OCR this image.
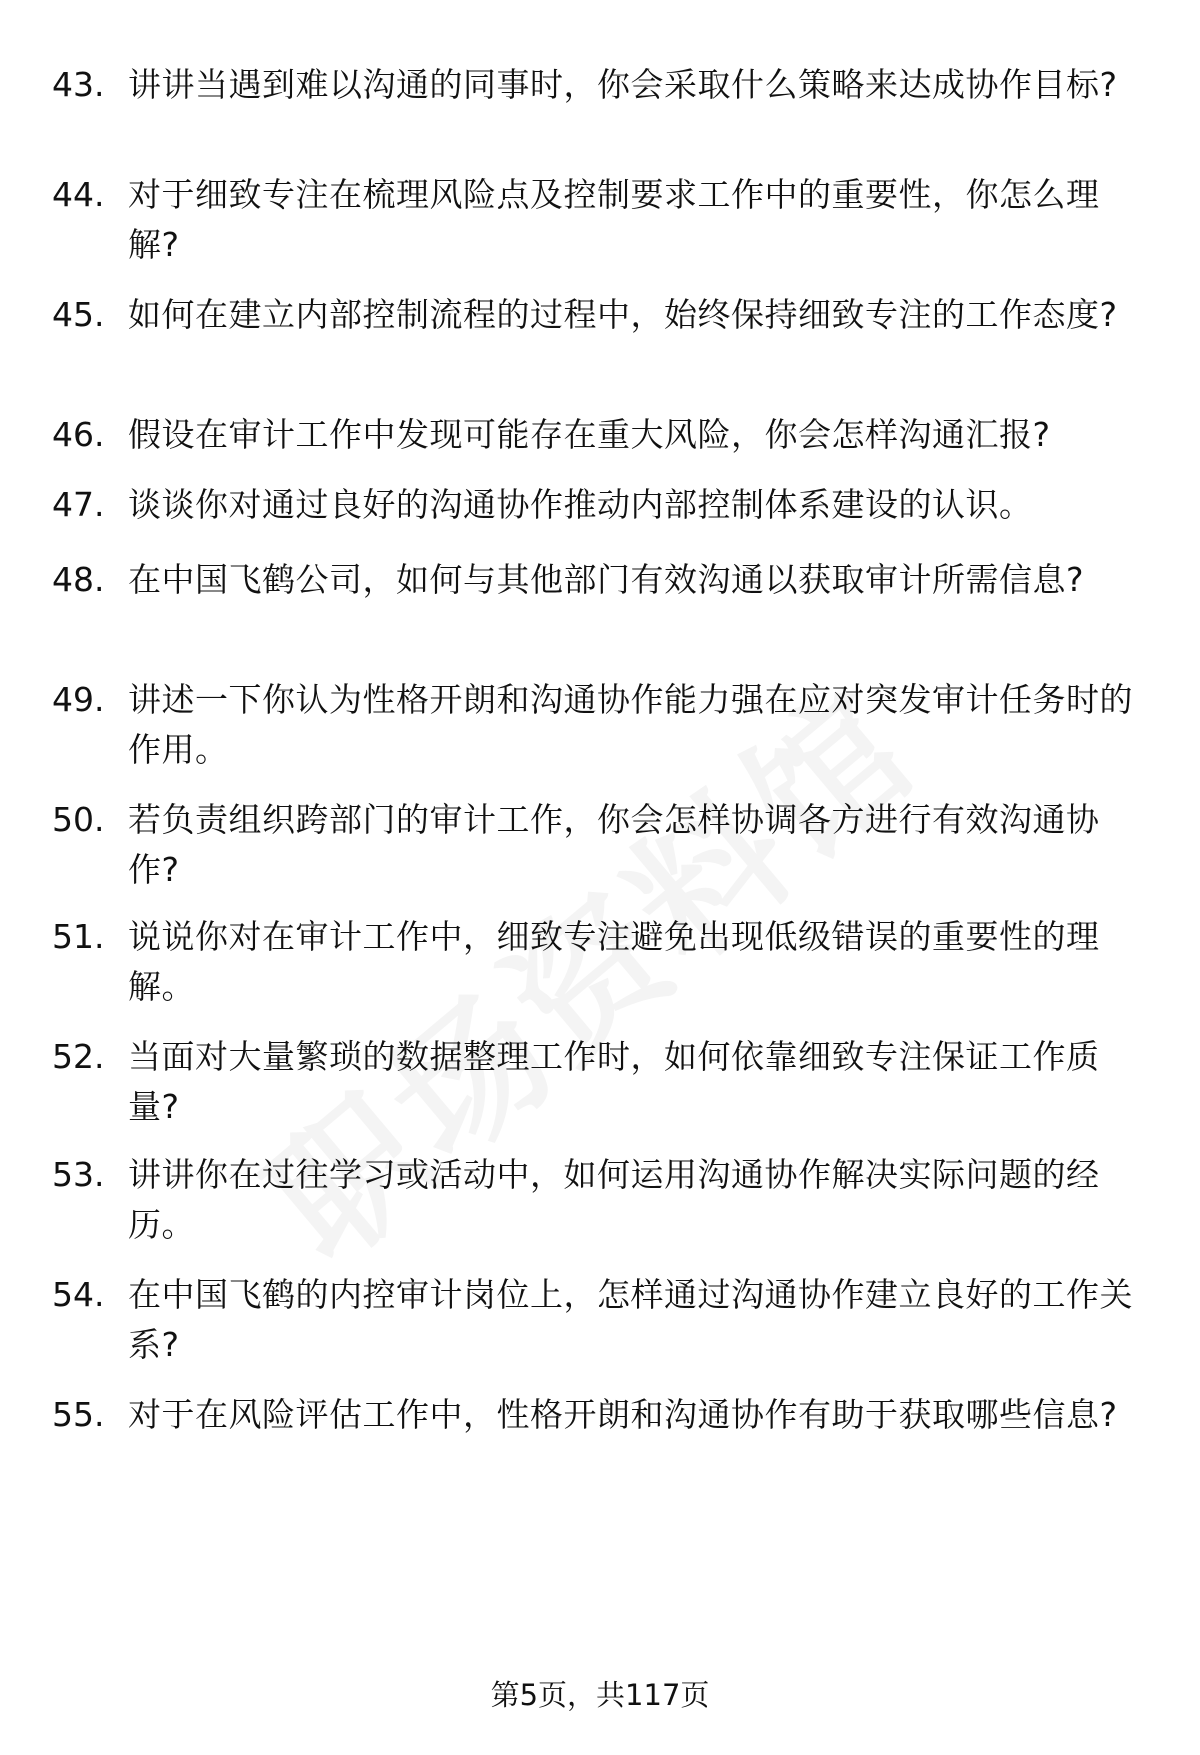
43. 讲讲当遇到难以沟通的同事时，你会采取什么策略来达成协作目标?
44. 对于细致专注在梳理风险点及控制要求工作中的重要性，你怎么理解?
45. 如何在建立内部控制流程的过程中，始终保持细致专注的工作态度?
46. 假设在审计工作中发现可能存在重大风险，你会怎样沟通汇报?
47. 谈谈你对通过良好的沟通协作推动内部控制体系建设的认识。
48. 在中国飞鹤公司，如何与其他部门有效沟通以获取审计所需信息?
49. 讲述一下你认为性格开朗和沟通协作能力强在应对突发审计任务时的作用。
50. 若负责组织跨部门的审计工作，你会怎样协调各方进行有效沟通协作?
51. 说说你对在审计工作中，细致专注避免出现低级错误的重要性的理解。
52. 当面对大量繁琐的数据整理工作时，如何依靠细致专注保证工作质量?
53. 讲讲你在过往学习或活动中，如何运用沟通协作解决实际问题的经历。
54. 在中国飞鹤的内控审计岗位上，怎样通过沟通协作建立良好的工作关系?
55. 对于在风险评估工作中，性格开朗和沟通协作有助于获取哪些信息?
第5页，共117页
